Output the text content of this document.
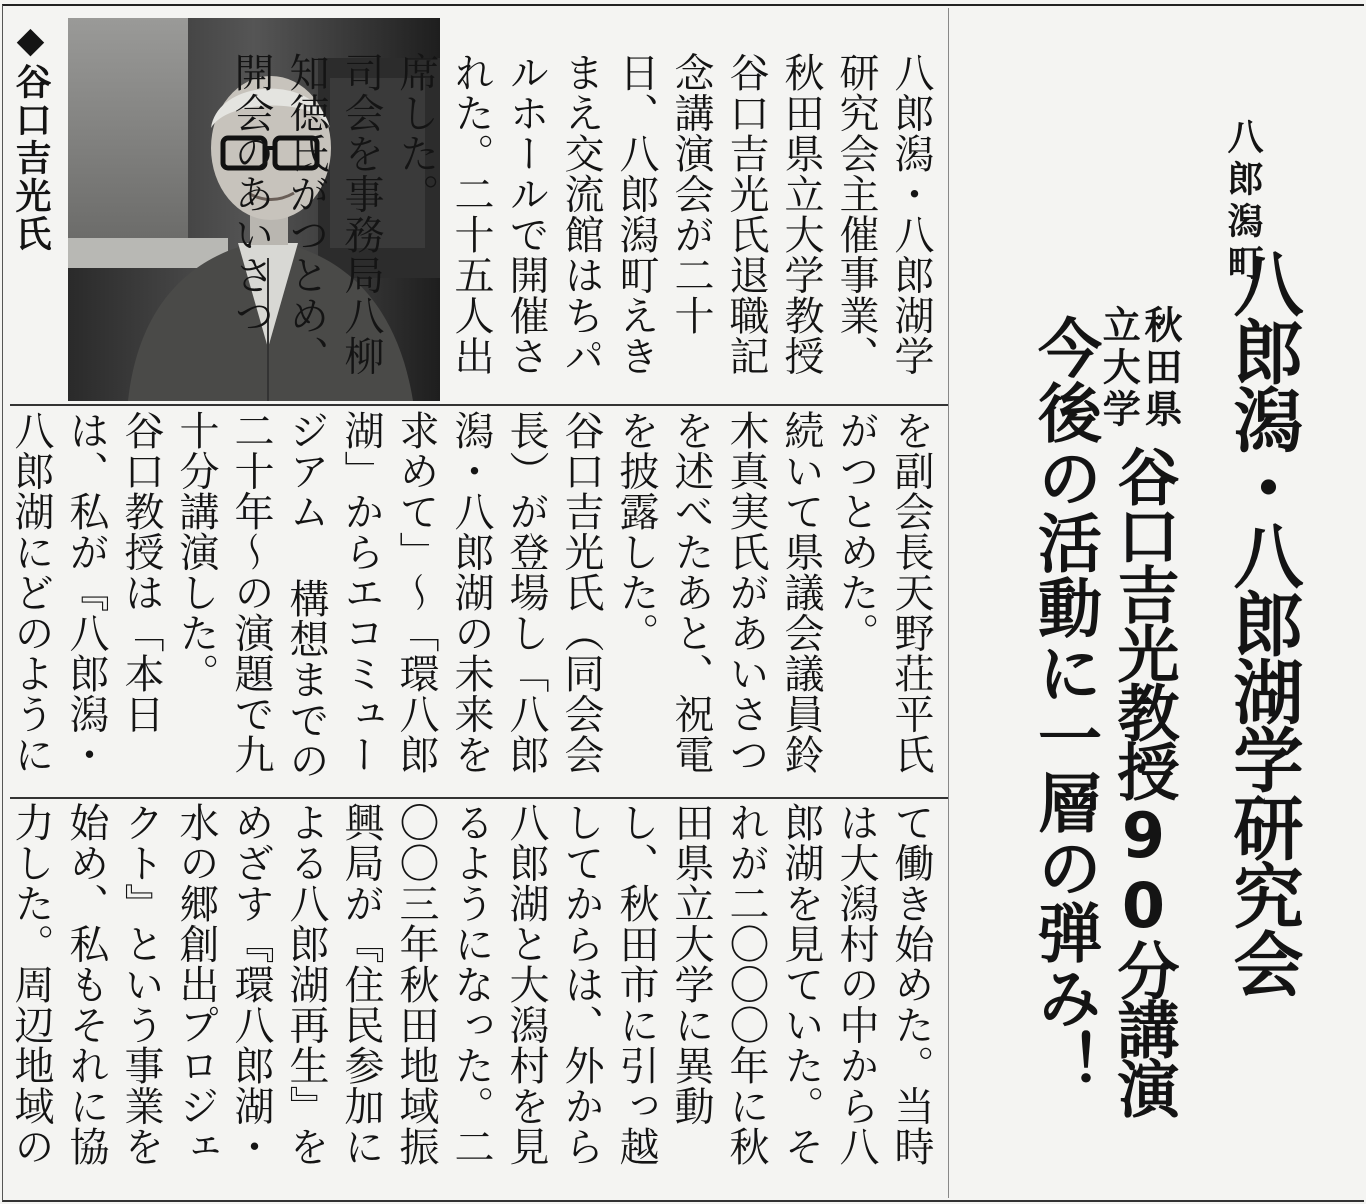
八郎潟町
八郎潟・八郎湖学研究会
秋田県立大学
谷口吉光教授90分講演
今後の活動に一層の弾み！
◆谷口吉光氏	八郎潟・八郎湖学研究会主催事業、秋田県立大学教授谷口吉光氏退職記念講演会が二十日、八郎潟町えきまえ交流館はちパルホールで開催された。二十五人出席した。

司会を事務局八柳知徳氏がつとめ、開会のあいさつ

を副会長天野荘平氏がつとめた。

続いて県議会議員鈴木真実氏があいさつを述べたあと、祝電を披露した。

谷口吉光氏（同会会長）が登場し「八郎潟・八郎湖の未来を求めて」～「環八郎湖」からエコミュージアム 構想までの二十年～の演題で九十分講演した。

谷口教授は「本日は、私が『八郎潟・八郎湖にどのように

て働き始めた。当時は大潟村の中から八郎湖を見ていた。それが二〇〇〇年に秋田県立大学に異動し、秋田市に引っ越してからは、外から八郎湖と大潟村を見るようになった。二〇〇三年秋田地域振興局が『住民参加による八郎湖再生』をめざす『環八郎湖・水の郷創出プロジェクト』という事業を始め、私もそれに協力した。周辺地域の
